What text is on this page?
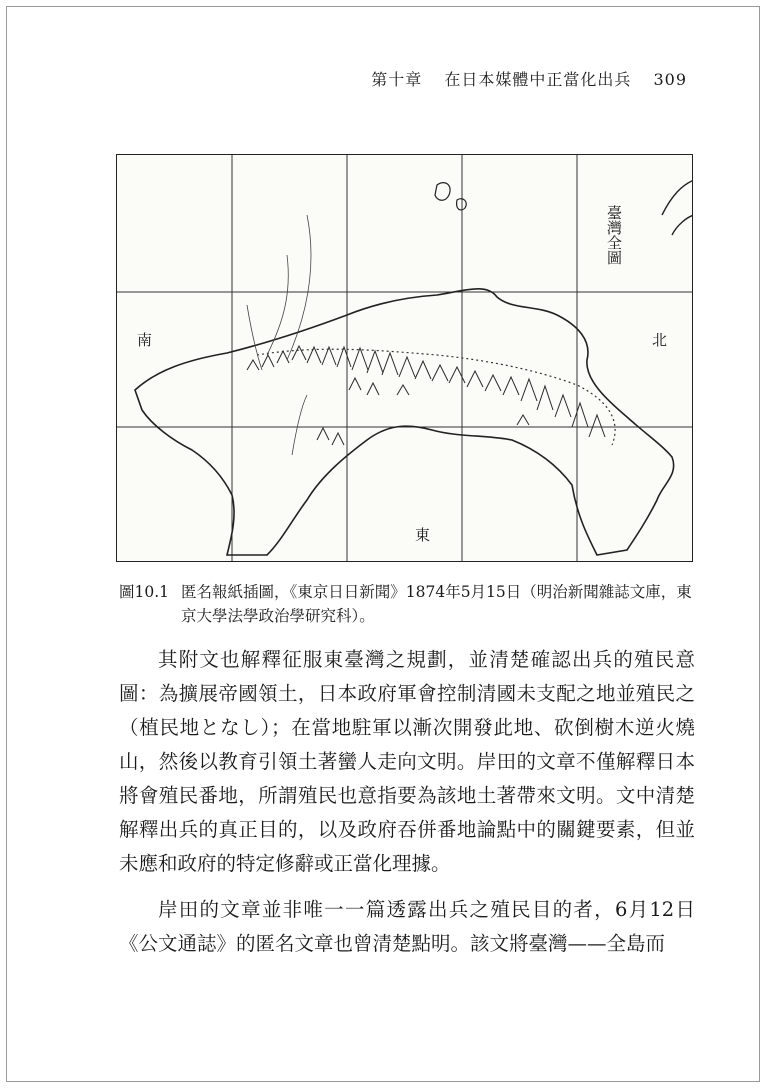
第十章 在日本媒體中正當化出兵 309
臺灣全圖
北
東
南
圖10.1 匿名報紙插圖，《東京日日新聞》1874年5月15日（明治新聞雜誌文庫，東京大學法學政治學研究科）。

其附文也解釋征服東臺灣之規劃，並清楚確認出兵的殖民意圖：為擴展帝國領土，日本政府軍會控制清國未支配之地並殖民之（植民地となし）；在當地駐軍以漸次開發此地、砍倒樹木逆火燒山，然後以教育引領土著蠻人走向文明。岸田的文章不僅解釋日本將會殖民番地，所謂殖民也意指要為該地土著帶來文明。文中清楚解釋出兵的真正目的，以及政府吞併番地論點中的關鍵要素，但並未應和政府的特定修辭或正當化理據。

岸田的文章並非唯一一篇透露出兵之殖民目的者，6月12日《公文通誌》的匿名文章也曾清楚點明。該文將臺灣——全島而
